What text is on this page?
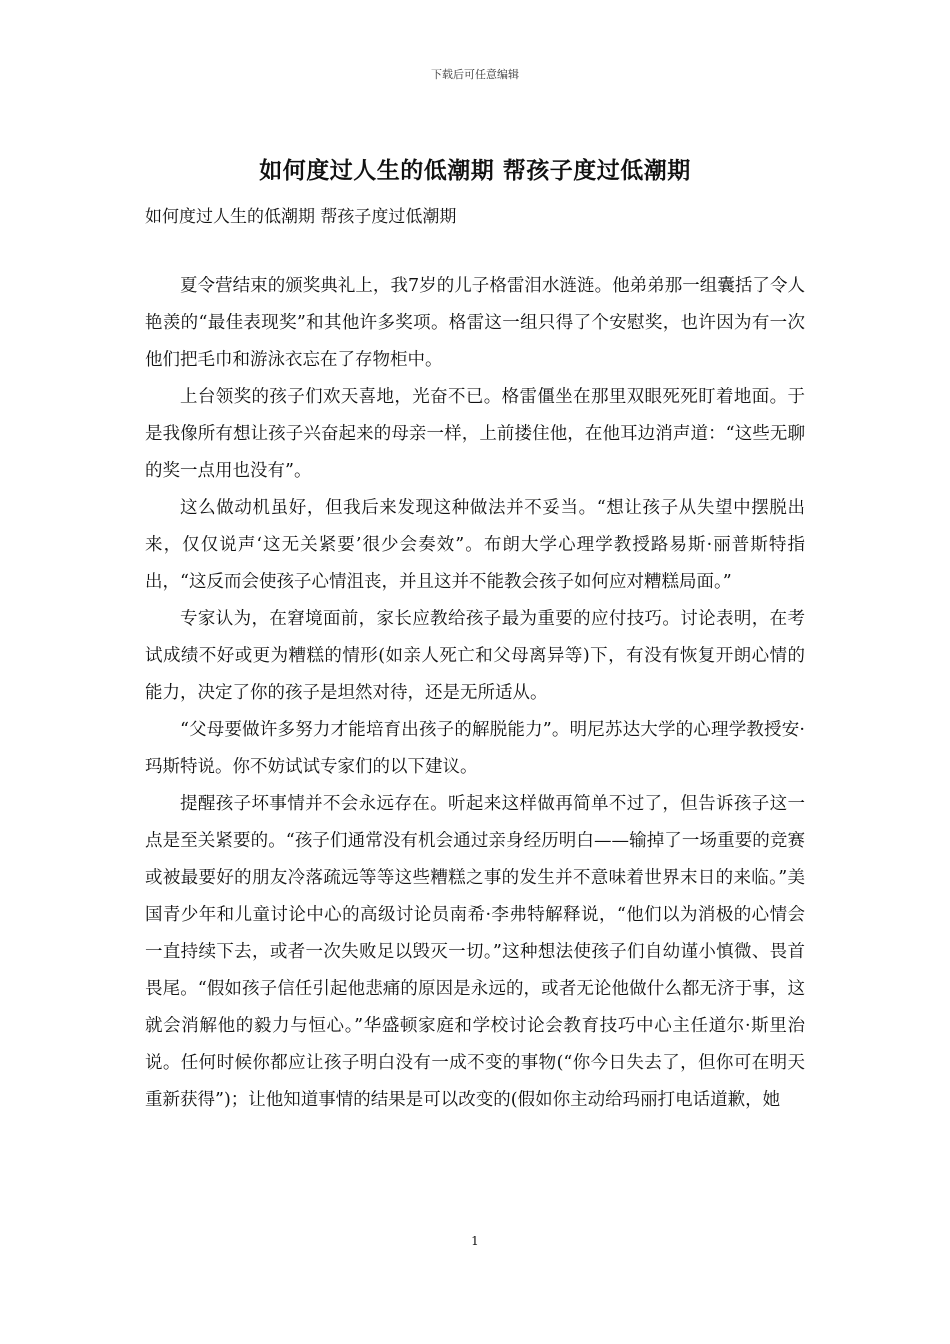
下载后可任意编辑
如何度过人生的低潮期 帮孩子度过低潮期
如何度过人生的低潮期 帮孩子度过低潮期

夏令营结束的颁奖典礼上，我7岁的儿子格雷泪水涟涟。他弟弟那一组囊括了令人艳羡的“最佳表现奖”和其他许多奖项。格雷这一组只得了个安慰奖，也许因为有一次他们把毛巾和游泳衣忘在了存物柜中。

上台领奖的孩子们欢天喜地，光奋不已。格雷僵坐在那里双眼死死盯着地面。于是我像所有想让孩子兴奋起来的母亲一样，上前搂住他，在他耳边消声道：“这些无聊的奖一点用也没有”。

这么做动机虽好，但我后来发现这种做法并不妥当。“想让孩子从失望中摆脱出来，仅仅说声‘这无关紧要’很少会奏效”。布朗大学心理学教授路易斯·丽普斯特指出，“这反而会使孩子心情沮丧，并且这并不能教会孩子如何应对糟糕局面。”

专家认为，在窘境面前，家长应教给孩子最为重要的应付技巧。讨论表明，在考试成绩不好或更为糟糕的情形(如亲人死亡和父母离异等)下，有没有恢复开朗心情的能力，决定了你的孩子是坦然对待，还是无所适从。

“父母要做许多努力才能培育出孩子的解脱能力”。明尼苏达大学的心理学教授安·玛斯特说。你不妨试试专家们的以下建议。

提醒孩子坏事情并不会永远存在。听起来这样做再简单不过了，但告诉孩子这一点是至关紧要的。“孩子们通常没有机会通过亲身经历明白——输掉了一场重要的竞赛或被最要好的朋友冷落疏远等等这些糟糕之事的发生并不意味着世界末日的来临。”美国青少年和儿童讨论中心的高级讨论员南希·李弗特解释说，“他们以为消极的心情会一直持续下去，或者一次失败足以毁灭一切。”这种想法使孩子们自幼谨小慎微、畏首畏尾。“假如孩子信任引起他悲痛的原因是永远的，或者无论他做什么都无济于事，这就会消解他的毅力与恒心。”华盛顿家庭和学校讨论会教育技巧中心主任道尔·斯里治说。任何时候你都应让孩子明白没有一成不变的事物(“你今日失去了，但你可在明天重新获得”)；让他知道事情的结果是可以改变的(假如你主动给玛丽打电话道歉，她

1
